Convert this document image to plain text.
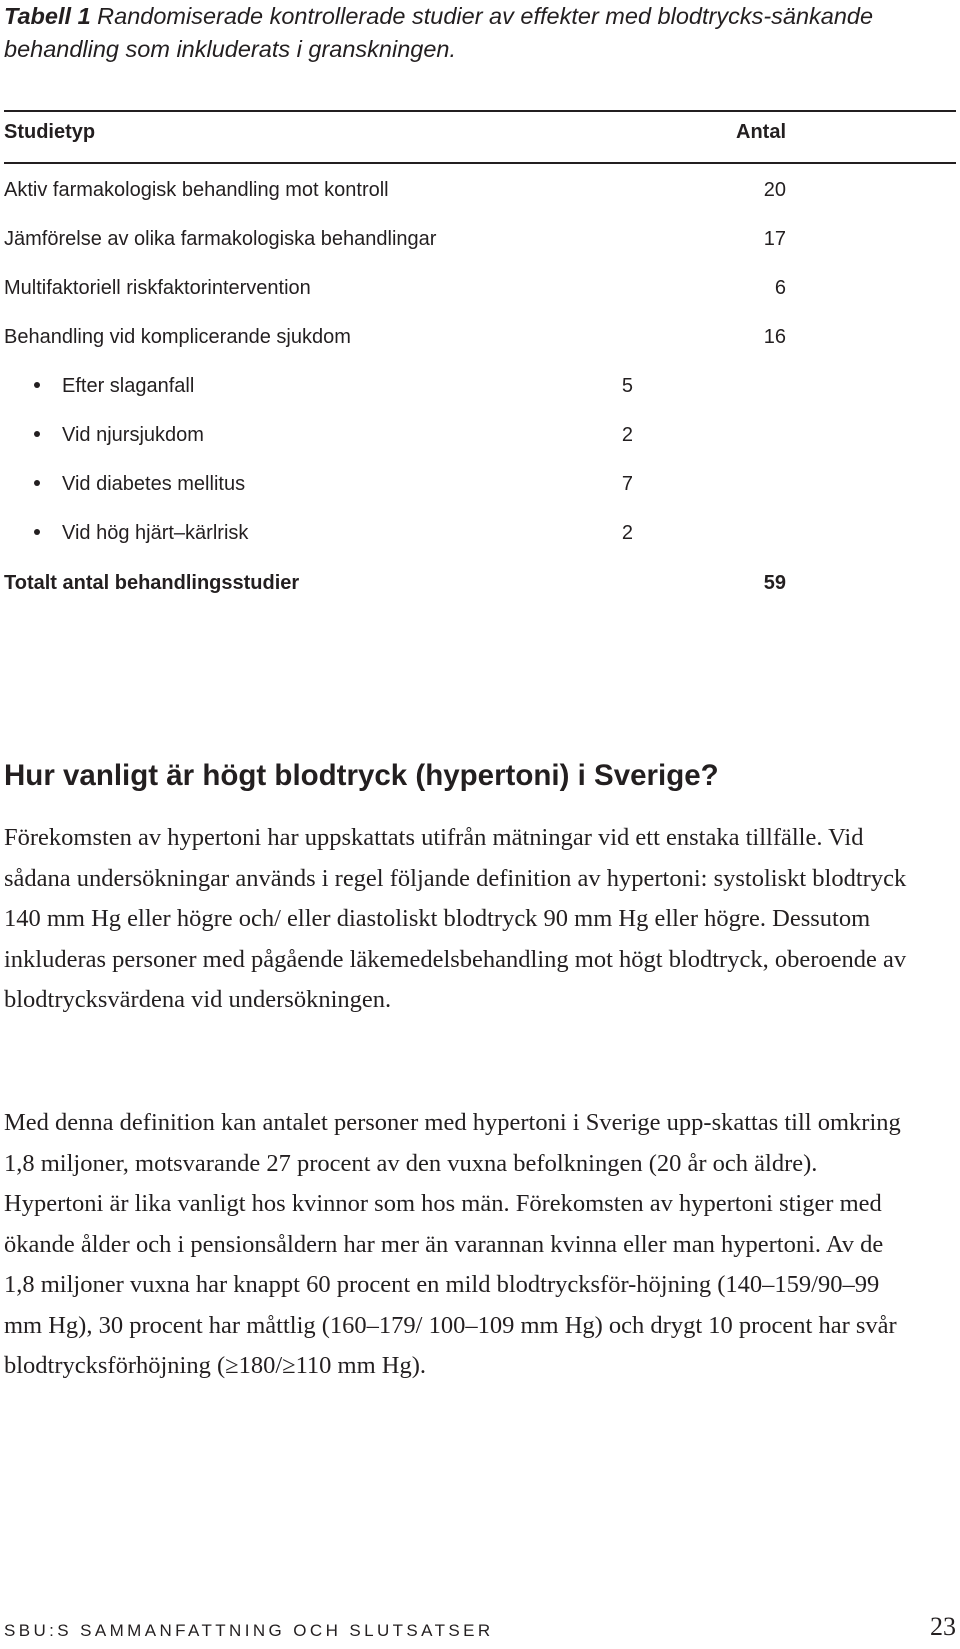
Tabell 1 Randomiserade kontrollerade studier av effekter med blodtrycks-sänkande behandling som inkluderats i granskningen.
Studietyp	Antal
Aktiv farmakologisk behandling mot kontroll	20
Jämförelse av olika farmakologiska behandlingar	17
Multifaktoriell riskfaktorintervention	6
Behandling vid komplicerande sjukdom	16
Efter slaganfall	5
Vid njursjukdom	2
Vid diabetes mellitus	7
Vid hög hjärt–kärlrisk	2
Totalt antal behandlingsstudier	59
Hur vanligt är högt blodtryck (hypertoni) i Sverige?

Förekomsten av hypertoni har uppskattats utifrån mätningar vid ett enstaka tillfälle. Vid sådana undersökningar används i regel följande definition av hypertoni: systoliskt blodtryck 140 mm Hg eller högre och/ eller diastoliskt blodtryck 90 mm Hg eller högre. Dessutom inkluderas personer med pågående läkemedelsbehandling mot högt blodtryck, oberoende av blodtrycksvärdena vid undersökningen.

Med denna definition kan antalet personer med hypertoni i Sverige upp-skattas till omkring 1,8 miljoner, motsvarande 27 procent av den vuxna befolkningen (20 år och äldre). Hypertoni är lika vanligt hos kvinnor som hos män. Förekomsten av hypertoni stiger med ökande ålder och i pensionsåldern har mer än varannan kvinna eller man hypertoni. Av de 1,8 miljoner vuxna har knappt 60 procent en mild blodtrycksför-höjning (140–159/90–99 mm Hg), 30 procent har måttlig (160–179/ 100–109 mm Hg) och drygt 10 procent har svår blodtrycksförhöjning (≥180/≥110 mm Hg).

SBU:S SAMMANFATTNING OCH SLUTSATSER	23
